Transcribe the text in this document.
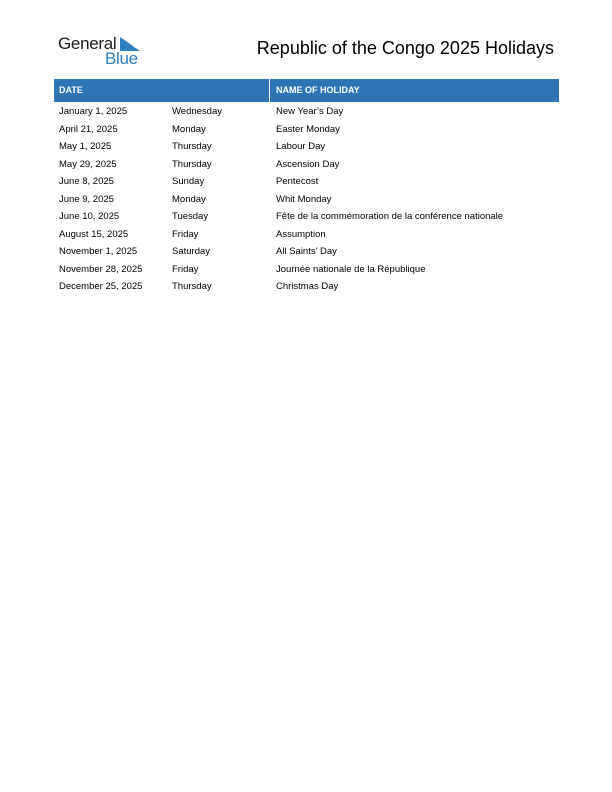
General
Blue
Republic of the Congo 2025 Holidays
DATE	NAME OF HOLIDAY
January 1, 2025	Wednesday	New Year’s Day
April 21, 2025	Monday	Easter Monday
May 1, 2025	Thursday	Labour Day
May 29, 2025	Thursday	Ascension Day
June 8, 2025	Sunday	Pentecost
June 9, 2025	Monday	Whit Monday
June 10, 2025	Tuesday	Fête de la commémoration de la conférence nationale
August 15, 2025	Friday	Assumption
November 1, 2025	Saturday	All Saints’ Day
November 28, 2025	Friday	Journée nationale de la République
December 25, 2025	Thursday	Christmas Day
